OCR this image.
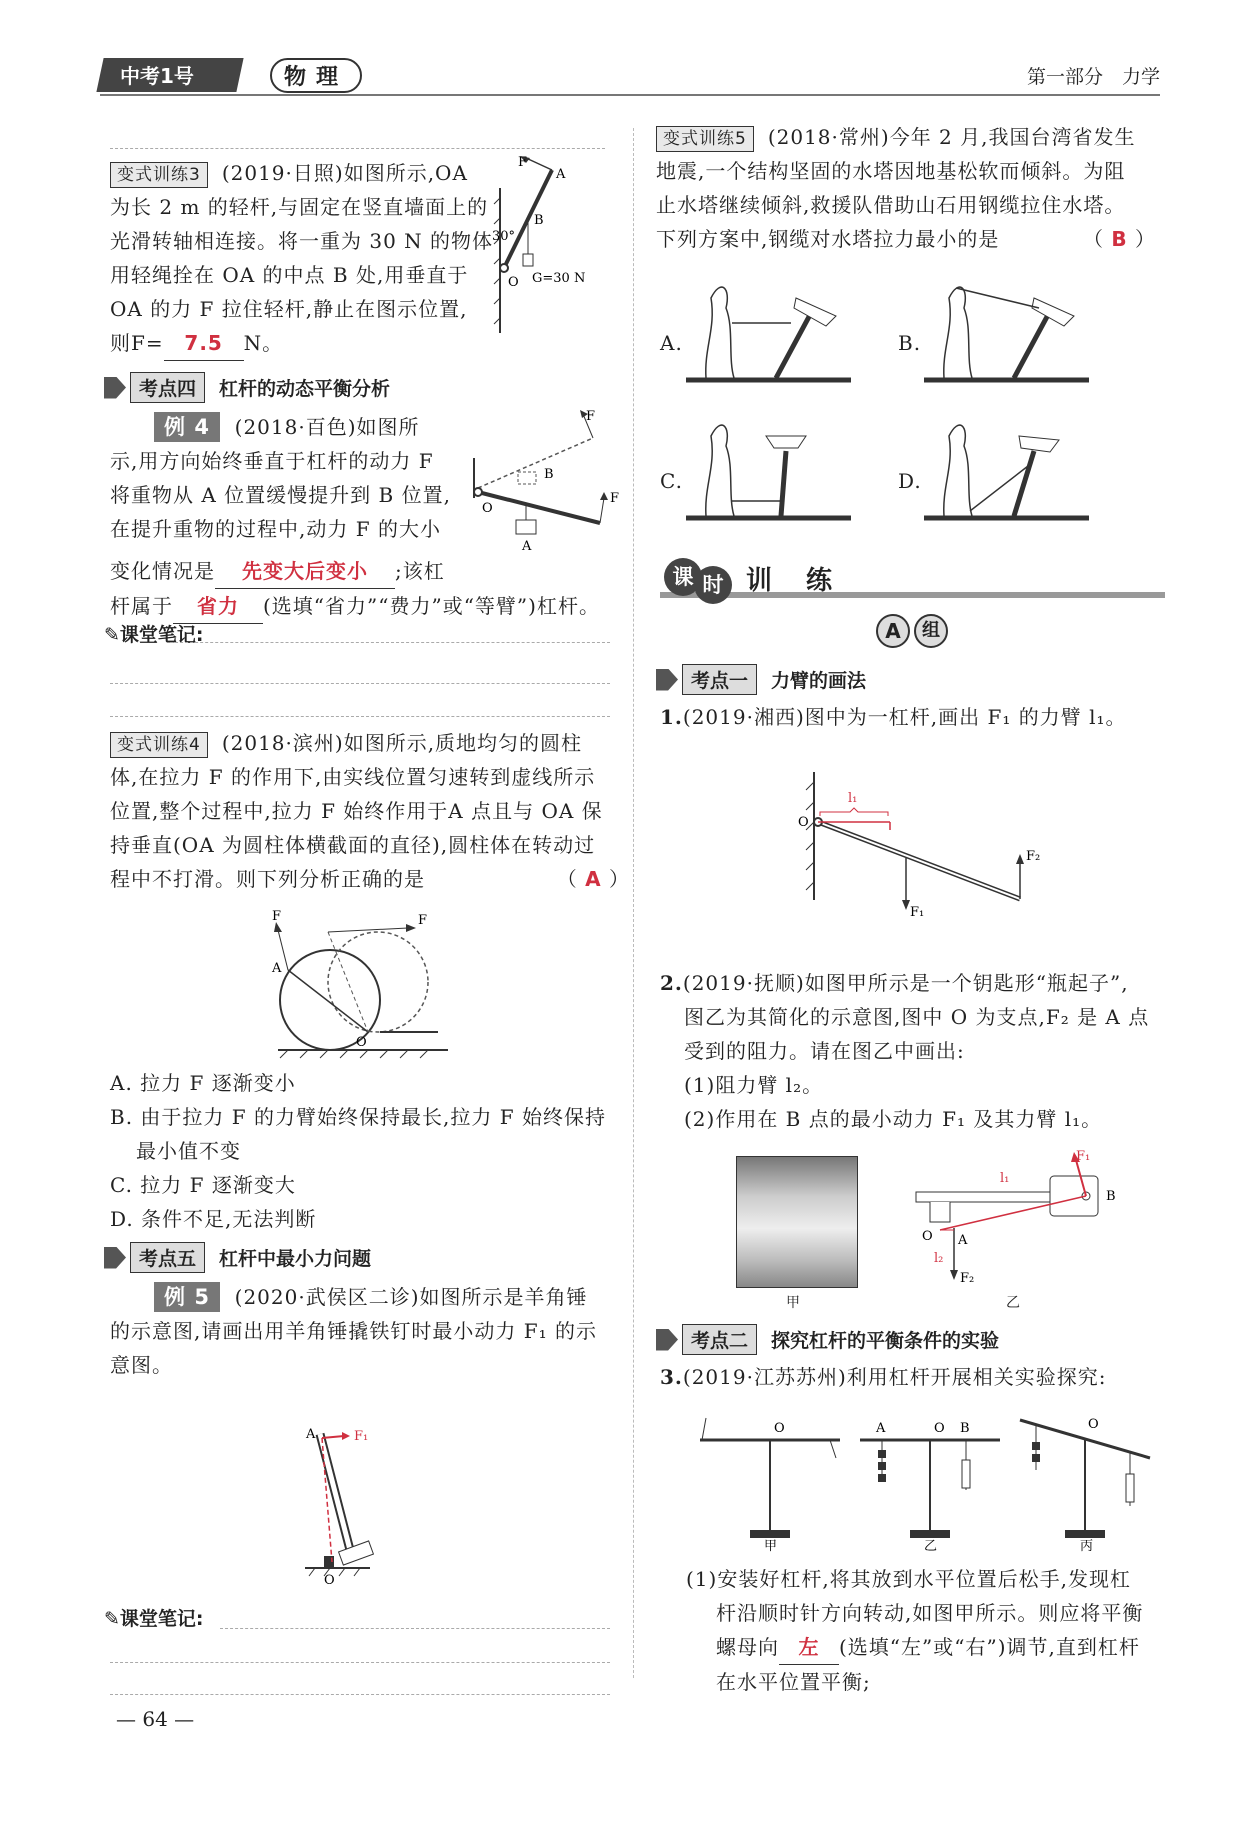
中考1号	物理	第一部分　力学
变式训练3 (2019·日照)如图所示,OA
为长 2 m 的轻杆,与固定在竖直墙面上的
光滑转轴相连接。将一重为 30 N 的物体
用轻绳拴在 OA 的中点 B 处,用垂直于
OA 的力 F 拉住轻杆,静止在图示位置,
则F= 7.5 N。
F
A
B
30°
O G=30 N
考点四	杠杆的动态平衡分析
例 4 (2018·百色)如图所
示,用方向始终垂直于杠杆的动力 F
将重物从 A 位置缓慢提升到 B 位置,
在提升重物的过程中,动力 F 的大小
变化情况是 先变大后变小 ;该杠
杆属于 省力 (选填“省力”“费力”或“等臂”)杠杆。
F
F
B
O
A
✎课堂笔记:
变式训练4 (2018·滨州)如图所示,质地均匀的圆柱
体,在拉力 F 的作用下,由实线位置匀速转到虚线所示
位置,整个过程中,拉力 F 始终作用于A 点且与 OA 保
持垂直(OA 为圆柱体横截面的直径),圆柱体在转动过
程中不打滑。则下列分析正确的是	（ A ）
F	F
A
O
A. 拉力 F 逐渐变小
B. 由于拉力 F 的力臂始终保持最长,拉力 F 始终保持
最小值不变
C. 拉力 F 逐渐变大
D. 条件不足,无法判断
考点五	杠杆中最小力问题
例 5 (2020·武侯区二诊)如图所示是羊角锤
的示意图,请画出用羊角锤撬铁钉时最小动力 F₁ 的示
意图。
A	F₁
O
✎课堂笔记:
— 64 —
变式训练5 (2018·常州)今年 2 月,我国台湾省发生
地震,一个结构坚固的水塔因地基松软而倾斜。为阻
止水塔继续倾斜,救援队借助山石用钢缆拉住水塔。
下列方案中,钢缆对水塔拉力最小的是	（ B ）
A.	B.
C.	D.
课 时 训　练
A	组
考点一	力臂的画法
1.(2019·湘西)图中为一杠杆,画出 F₁ 的力臂 l₁。
l₁
O
F₁
F₂
2.(2019·抚顺)如图甲所示是一个钥匙形“瓶起子”,
图乙为其简化的示意图,图中 O 为支点,F₂ 是 A 点
受到的阻力。请在图乙中画出:
(1)阻力臂 l₂。
(2)作用在 B 点的最小动力 F₁ 及其力臂 l₁。
甲
F₁
l₁
B
O A
F₂
l₂
乙
考点二	探究杠杆的平衡条件的实验
3.(2019·江苏苏州)利用杠杆开展相关实验探究:
O	A	O B	O
甲	乙	丙
(1)安装好杠杆,将其放到水平位置后松手,发现杠
杆沿顺时针方向转动,如图甲所示。则应将平衡
螺母向 左 (选填“左”或“右”)调节,直到杠杆
在水平位置平衡;
